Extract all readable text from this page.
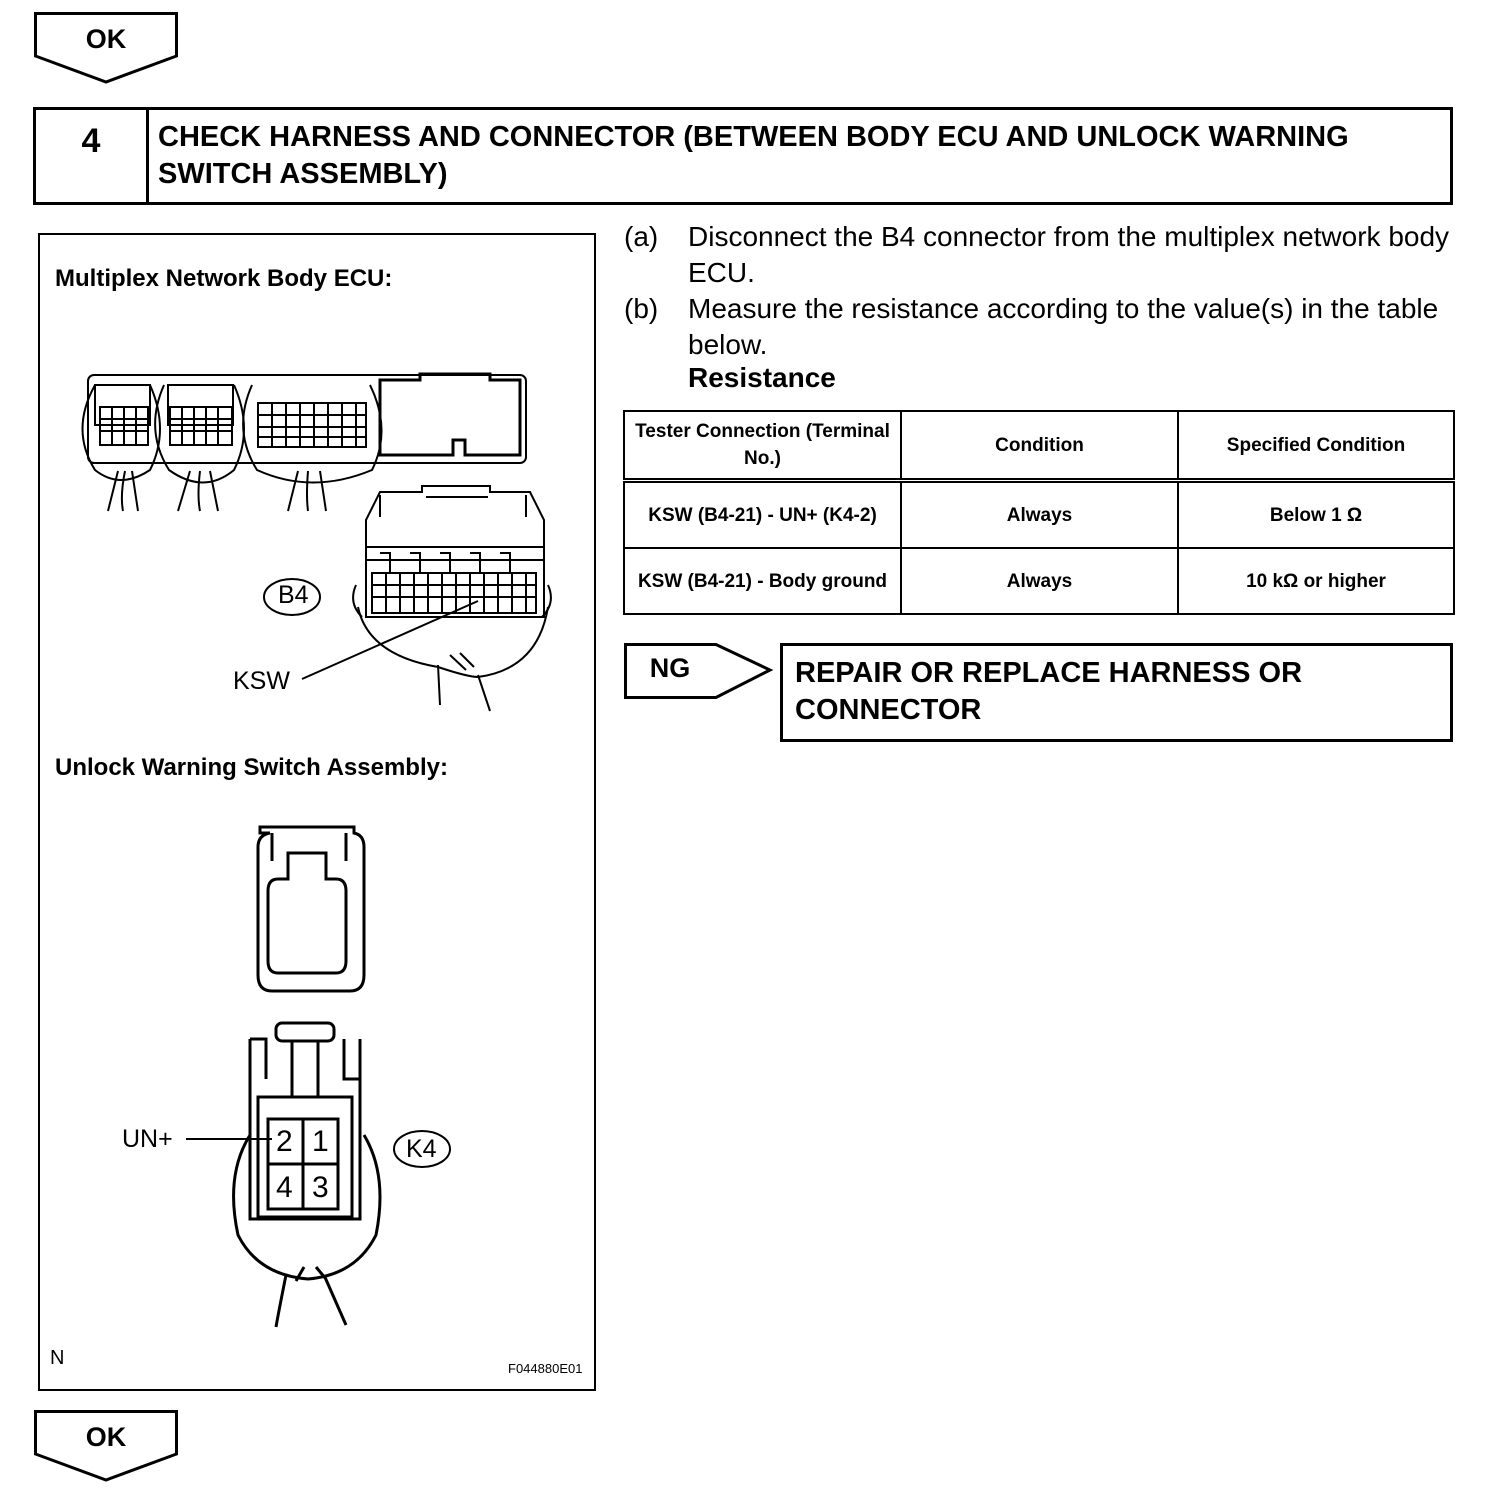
OK
4	CHECK HARNESS AND CONNECTOR (BETWEEN BODY ECU AND UNLOCK WARNING SWITCH ASSEMBLY)
Multiplex Network Body ECU:
Unlock Warning Switch Assembly:
B4
KSW
K4
UN+	2 1
4 3
N	F044880E01
(a) Disconnect the B4 connector from the multiplex network body ECU.
(b) Measure the resistance according to the value(s) in the table below.
Resistance
Tester Connection (Terminal No.)	Condition	Specified Condition
KSW (B4-21) - UN+ (K4-2)	Always	Below 1 Ω
KSW (B4-21) - Body ground	Always	10 kΩ or higher
NG	REPAIR OR REPLACE HARNESS OR CONNECTOR
OK
